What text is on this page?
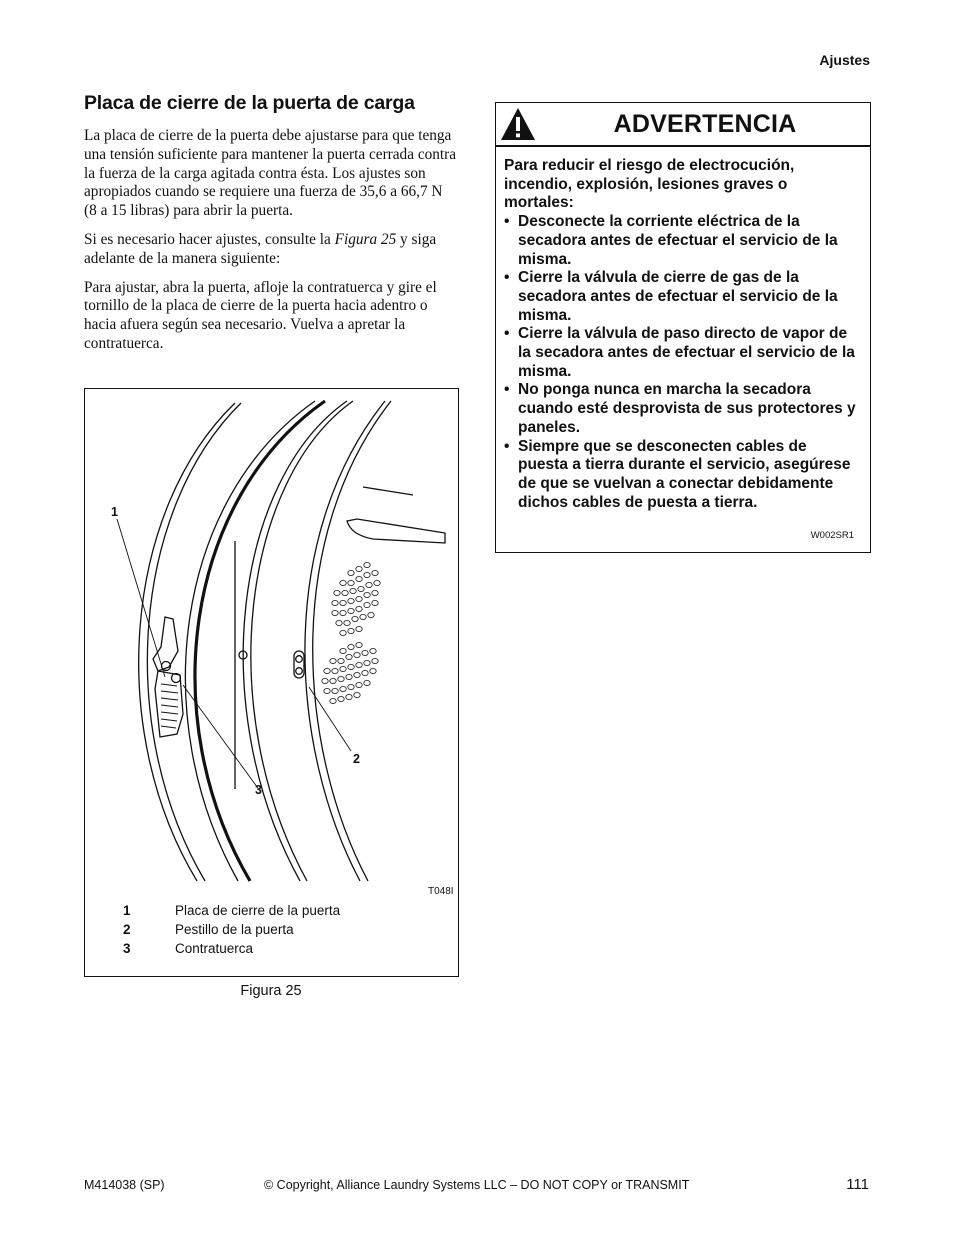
Ajustes
Placa de cierre de la puerta de carga

La placa de cierre de la puerta debe ajustarse para que tenga una tensión suficiente para mantener la puerta cerrada contra la fuerza de la carga agitada contra ésta. Los ajustes son apropiados cuando se requiere una fuerza de 35,6 a 66,7 N (8 a 15 libras) para abrir la puerta.

Si es necesario hacer ajustes, consulte la Figura 25 y siga adelante de la manera siguiente:

Para ajustar, abra la puerta, afloje la contratuerca y gire el tornillo de la placa de cierre de la puerta hacia adentro o hacia afuera según sea necesario. Vuelva a apretar la contratuerca.

1
2
3
T048I
1	Placa de cierre de la puerta
2	Pestillo de la puerta
3	Contratuerca
Figura 25
ADVERTENCIA

Para reducir el riesgo de electrocución, incendio, explosión, lesiones graves o mortales:

• Desconecte la corriente eléctrica de la secadora antes de efectuar el servicio de la misma.
• Cierre la válvula de cierre de gas de la secadora antes de efectuar el servicio de la misma.
• Cierre la válvula de paso directo de vapor de la secadora antes de efectuar el servicio de la misma.
• No ponga nunca en marcha la secadora cuando esté desprovista de sus protectores y paneles.
• Siempre que se desconecten cables de puesta a tierra durante el servicio, asegúrese de que se vuelvan a conectar debidamente dichos cables de puesta a tierra.
W002SR1
M414038 (SP)	© Copyright, Alliance Laundry Systems LLC – DO NOT COPY or TRANSMIT	111
